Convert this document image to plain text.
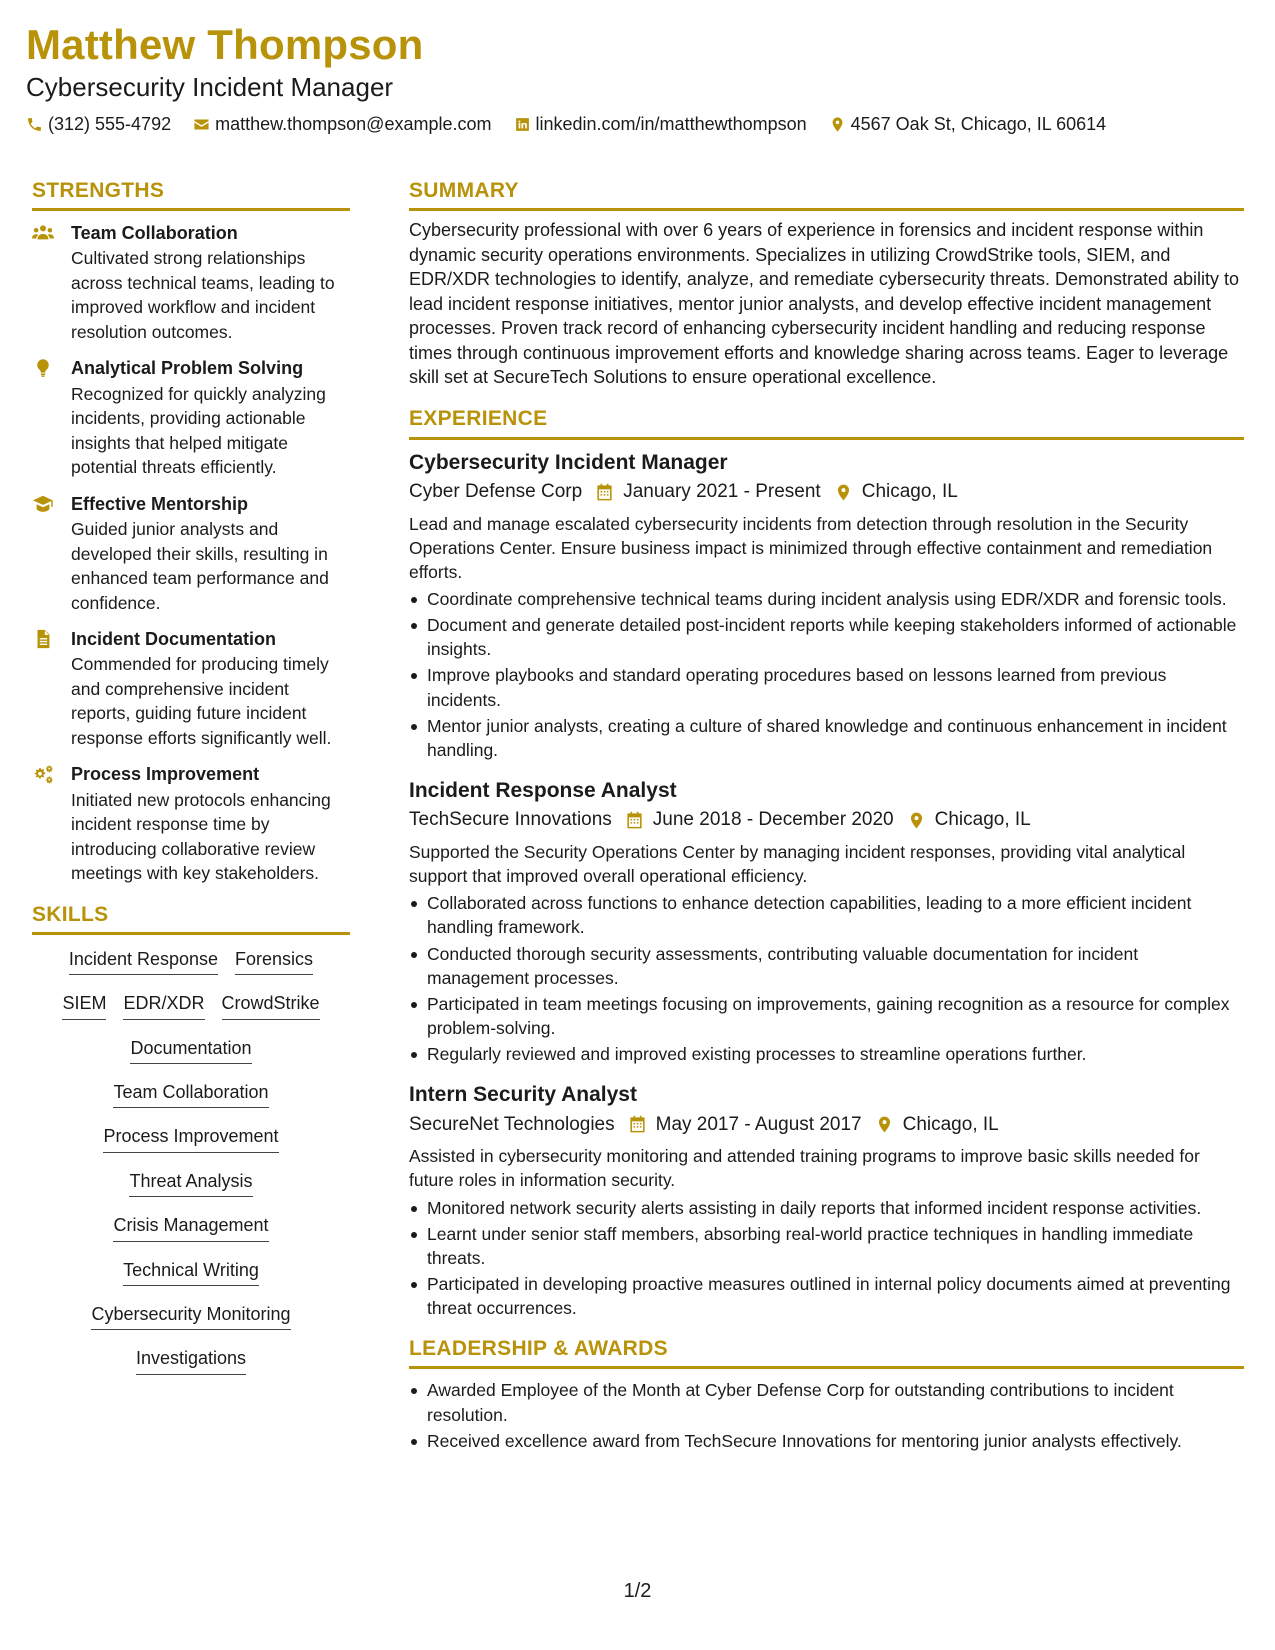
Matthew Thompson
Cybersecurity Incident Manager
(312) 555-4792 matthew.thompson@example.com linkedin.com/in/matthewthompson 4567 Oak St, Chicago, IL 60614
STRENGTHS
Team Collaboration
Cultivated strong relationships across technical teams, leading to improved workflow and incident resolution outcomes.
Analytical Problem Solving
Recognized for quickly analyzing incidents, providing actionable insights that helped mitigate potential threats efficiently.
Effective Mentorship
Guided junior analysts and developed their skills, resulting in enhanced team performance and confidence.
Incident Documentation
Commended for producing timely and comprehensive incident reports, guiding future incident response efforts significantly well.
Process Improvement
Initiated new protocols enhancing incident response time by introducing collaborative review meetings with key stakeholders.
SKILLS
Incident Response Forensics
SIEM EDR/XDR CrowdStrike
Documentation
Team Collaboration
Process Improvement
Threat Analysis
Crisis Management
Technical Writing
Cybersecurity Monitoring
Investigations
SUMMARY
Cybersecurity professional with over 6 years of experience in forensics and incident response within dynamic security operations environments. Specializes in utilizing CrowdStrike tools, SIEM, and EDR/XDR technologies to identify, analyze, and remediate cybersecurity threats. Demonstrated ability to lead incident response initiatives, mentor junior analysts, and develop effective incident management processes. Proven track record of enhancing cybersecurity incident handling and reducing response times through continuous improvement efforts and knowledge sharing across teams. Eager to leverage skill set at SecureTech Solutions to ensure operational excellence.
EXPERIENCE
Cybersecurity Incident Manager
Cyber Defense Corp January 2021 - Present Chicago, IL
Lead and manage escalated cybersecurity incidents from detection through resolution in the Security Operations Center. Ensure business impact is minimized through effective containment and remediation efforts.
Coordinate comprehensive technical teams during incident analysis using EDR/XDR and forensic tools.
Document and generate detailed post-incident reports while keeping stakeholders informed of actionable insights.
Improve playbooks and standard operating procedures based on lessons learned from previous incidents.
Mentor junior analysts, creating a culture of shared knowledge and continuous enhancement in incident handling.
Incident Response Analyst
TechSecure Innovations June 2018 - December 2020 Chicago, IL
Supported the Security Operations Center by managing incident responses, providing vital analytical support that improved overall operational efficiency.
Collaborated across functions to enhance detection capabilities, leading to a more efficient incident handling framework.
Conducted thorough security assessments, contributing valuable documentation for incident management processes.
Participated in team meetings focusing on improvements, gaining recognition as a resource for complex problem-solving.
Regularly reviewed and improved existing processes to streamline operations further.
Intern Security Analyst
SecureNet Technologies May 2017 - August 2017 Chicago, IL
Assisted in cybersecurity monitoring and attended training programs to improve basic skills needed for future roles in information security.
Monitored network security alerts assisting in daily reports that informed incident response activities.
Learnt under senior staff members, absorbing real-world practice techniques in handling immediate threats.
Participated in developing proactive measures outlined in internal policy documents aimed at preventing threat occurrences.
LEADERSHIP & AWARDS
Awarded Employee of the Month at Cyber Defense Corp for outstanding contributions to incident resolution.
Received excellence award from TechSecure Innovations for mentoring junior analysts effectively.
1/2
